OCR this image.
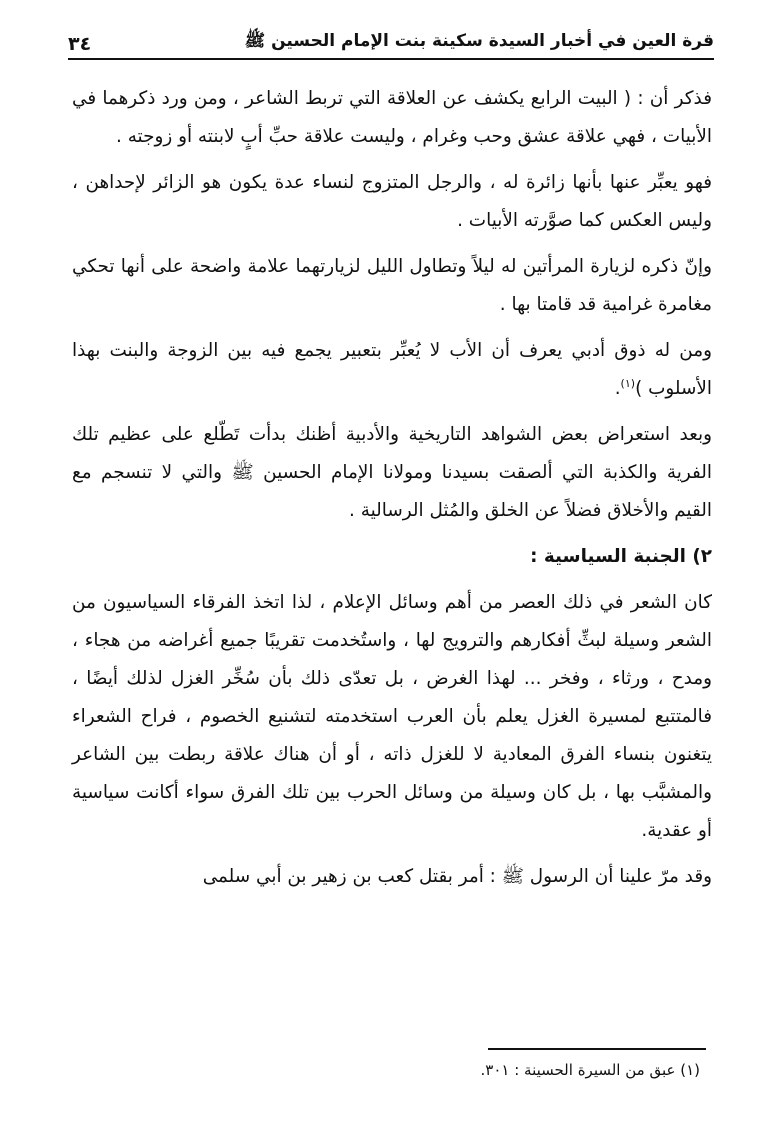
قرة العين في أخبار السيدة سكينة بنت الإمام الحسين ﷺ
٣٤

فذكر أن : ( البيت الرابع يكشف عن العلاقة التي تربط الشاعر ، ومن ورد ذكرهما في الأبيات ، فهي علاقة عشق وحب وغرام ، وليست علاقة حبِّ أبٍ لابنته أو زوجته .

فهو يعبِّر عنها بأنها زائرة له ، والرجل المتزوج لنساء عدة يكون هو الزائر لإحداهن ، وليس العكس كما صوَّرته الأبيات .

وإنّ ذكره لزيارة المرأتين له ليلاً وتطاول الليل لزيارتهما علامة واضحة على أنها تحكي مغامرة غرامية قد قامتا بها .

ومن له ذوق أدبي يعرف أن الأب لا يُعبِّر بتعبير يجمع فيه بين الزوجة والبنت بهذا الأسلوب )$^{(١)}$.

وبعد استعراض بعض الشواهد التاريخية والأدبية أظنك بدأت تَطّلع على عظيم تلك الفرية والكذبة التي ألصقت بسيدنا ومولانا الإمام الحسين ﷺ والتي لا تنسجم مع القيم والأخلاق فضلاً عن الخلق والمُثل الرسالية .

٢) الجنبة السياسية :

كان الشعر في ذلك العصر من أهم وسائل الإعلام ، لذا اتخذ الفرقاء السياسيون من الشعر وسيلة لبثِّ أفكارهم والترويج لها ، واستُخدمت تقريبًا جميع أغراضه من هجاء ، ومدح ، ورثاء ، وفخر ... لهذا الغرض ، بل تعدّى ذلك بأن سُخِّر الغزل لذلك أيضًا ، فالمتتبع لمسيرة الغزل يعلم بأن العرب استخدمته لتشنيع الخصوم ، فراح الشعراء يتغنون بنساء الفرق المعادية لا للغزل ذاته ، أو أن هناك علاقة ربطت بين الشاعر والمشبَّب بها ، بل كان وسيلة من وسائل الحرب بين تلك الفرق سواء أكانت سياسية أو عقدية.

وقد مرّ علينا أن الرسول ﷺ : أمر بقتل كعب بن زهير بن أبي سلمى

(١) عبق من السيرة الحسينة : ٣٠١.
